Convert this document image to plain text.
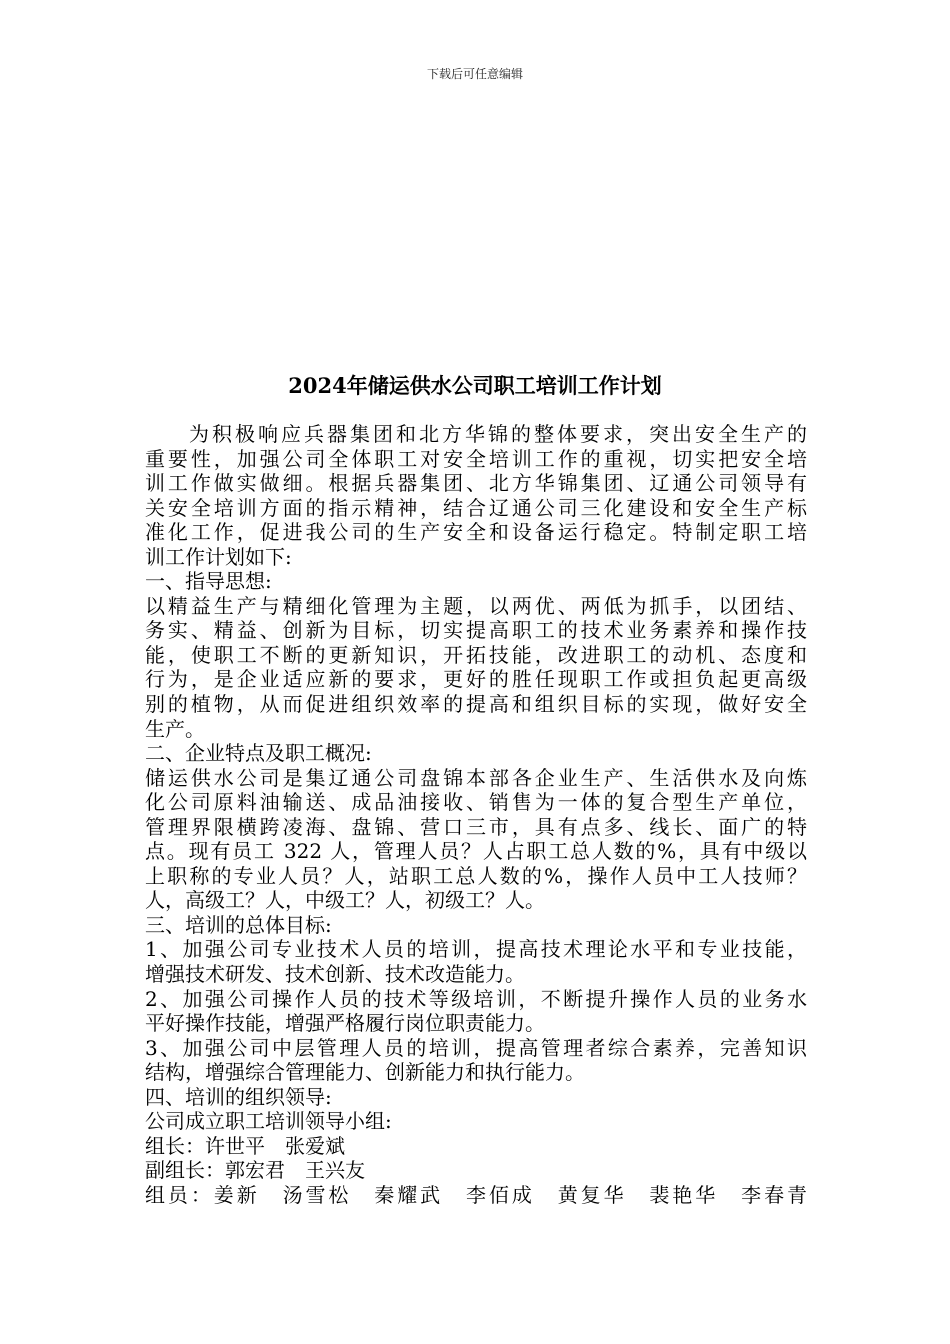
下载后可任意编辑
2024年储运供水公司职工培训工作计划
为积极响应兵器集团和北方华锦的整体要求，突出安全生产的
重要性，加强公司全体职工对安全培训工作的重视，切实把安全培
训工作做实做细。根据兵器集团、北方华锦集团、辽通公司领导有
关安全培训方面的指示精神，结合辽通公司三化建设和安全生产标
准化工作，促进我公司的生产安全和设备运行稳定。特制定职工培
训工作计划如下:
一、指导思想:
以精益生产与精细化管理为主题，以两优、两低为抓手，以团结、
务实、精益、创新为目标，切实提高职工的技术业务素养和操作技
能，使职工不断的更新知识，开拓技能，改进职工的动机、态度和
行为，是企业适应新的要求，更好的胜任现职工作或担负起更高级
别的植物，从而促进组织效率的提高和组织目标的实现，做好安全
生产。
二、企业特点及职工概况:
储运供水公司是集辽通公司盘锦本部各企业生产、生活供水及向炼
化公司原料油输送、成品油接收、销售为一体的复合型生产单位，
管理界限横跨凌海、盘锦、营口三市，具有点多、线长、面广的特
点。现有员工 322 人，管理人员？人占职工总人数的%，具有中级以
上职称的专业人员？人，站职工总人数的%，操作人员中工人技师？
人，高级工？人，中级工？人，初级工？人。
三、培训的总体目标:
1、加强公司专业技术人员的培训，提高技术理论水平和专业技能，
增强技术研发、技术创新、技术改造能力。
2、加强公司操作人员的技术等级培训，不断提升操作人员的业务水
平好操作技能，增强严格履行岗位职责能力。
3、加强公司中层管理人员的培训，提高管理者综合素养，完善知识
结构，增强综合管理能力、创新能力和执行能力。
四、培训的组织领导:
公司成立职工培训领导小组:
组长：许世平　张爱斌
副组长：郭宏君　王兴友
组员：姜新　汤雪松　秦耀武　李佰成　黄复华　裴艳华　李春青
